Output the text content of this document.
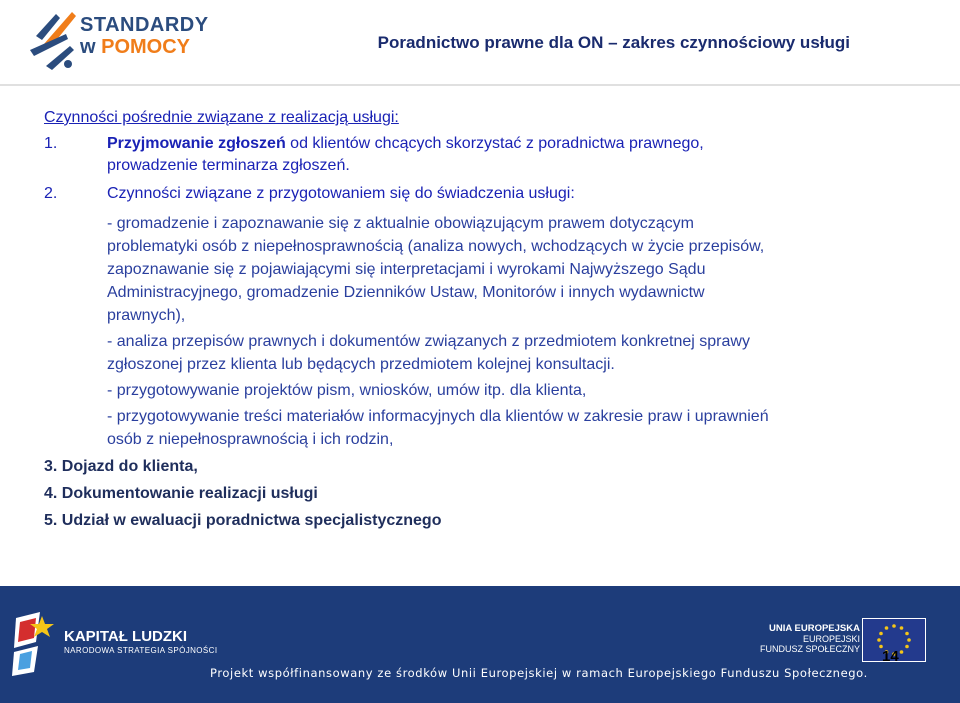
STANDARDY
w POMOCY	Poradnictwo prawne dla ON – zakres czynnościowy usługi
Czynności pośrednie związane z realizacją usługi:
1.	Przyjmowanie zgłoszeń od klientów chcących skorzystać z poradnictwa prawnego,
prowadzenie terminarza zgłoszeń.
2.	Czynności związane z przygotowaniem się do świadczenia usługi:
- gromadzenie i zapoznawanie się z aktualnie obowiązującym prawem dotyczącym
problematyki osób z niepełnosprawnością (analiza nowych, wchodzących w życie przepisów,
zapoznawanie się z pojawiającymi się interpretacjami i wyrokami Najwyższego Sądu
Administracyjnego, gromadzenie Dzienników Ustaw, Monitorów i innych wydawnictw
prawnych),
- analiza przepisów prawnych i dokumentów związanych z przedmiotem konkretnej sprawy
zgłoszonej przez klienta lub będących przedmiotem kolejnej konsultacji.
- przygotowywanie projektów pism, wniosków, umów itp. dla klienta,
- przygotowywanie treści materiałów informacyjnych dla klientów w zakresie praw i uprawnień
osób z niepełnosprawnością i ich rodzin,
3. Dojazd do klienta,
4. Dokumentowanie realizacji usługi
5. Udział w ewaluacji poradnictwa specjalistycznego
KAPITAŁ LUDZKI
NARODOWA STRATEGIA SPÓJNOŚCI
UNIA EUROPEJSKA
EUROPEJSKI
FUNDUSZ SPOŁECZNY 14
Projekt współfinansowany ze środków Unii Europejskiej w ramach Europejskiego Funduszu Społecznego.
